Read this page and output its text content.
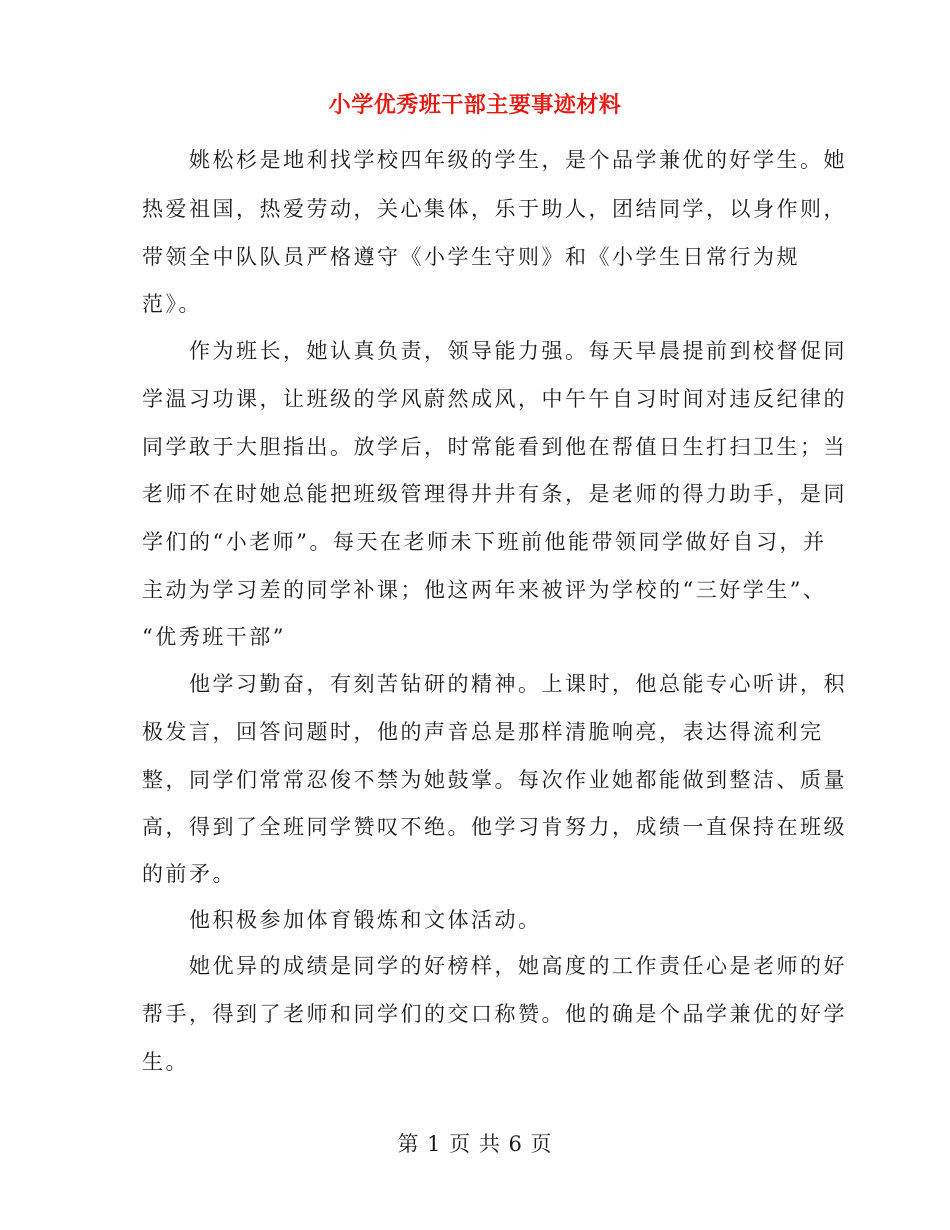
小学优秀班干部主要事迹材料
　　姚松杉是地利找学校四年级的学生，是个品学兼优的好学生。她
热爱祖国，热爱劳动，关心集体，乐于助人，团结同学，以身作则，
带领全中队队员严格遵守《小学生守则》和《小学生日常行为规
范》。
　　作为班长，她认真负责，领导能力强。每天早晨提前到校督促同
学温习功课，让班级的学风蔚然成风，中午午自习时间对违反纪律的
同学敢于大胆指出。放学后，时常能看到他在帮值日生打扫卫生；当
老师不在时她总能把班级管理得井井有条，是老师的得力助手，是同
学们的“小老师”。每天在老师未下班前他能带领同学做好自习，并
主动为学习差的同学补课；他这两年来被评为学校的“三好学生”、
“优秀班干部”
　　他学习勤奋，有刻苦钻研的精神。上课时，他总能专心听讲，积
极发言，回答问题时，他的声音总是那样清脆响亮，表达得流利完
整，同学们常常忍俊不禁为她鼓掌。每次作业她都能做到整洁、质量
高，得到了全班同学赞叹不绝。他学习肯努力，成绩一直保持在班级
的前矛。
　　他积极参加体育锻炼和文体活动。
　　她优异的成绩是同学的好榜样，她高度的工作责任心是老师的好
帮手，得到了老师和同学们的交口称赞。他的确是个品学兼优的好学
生。
第 1 页 共 6 页
